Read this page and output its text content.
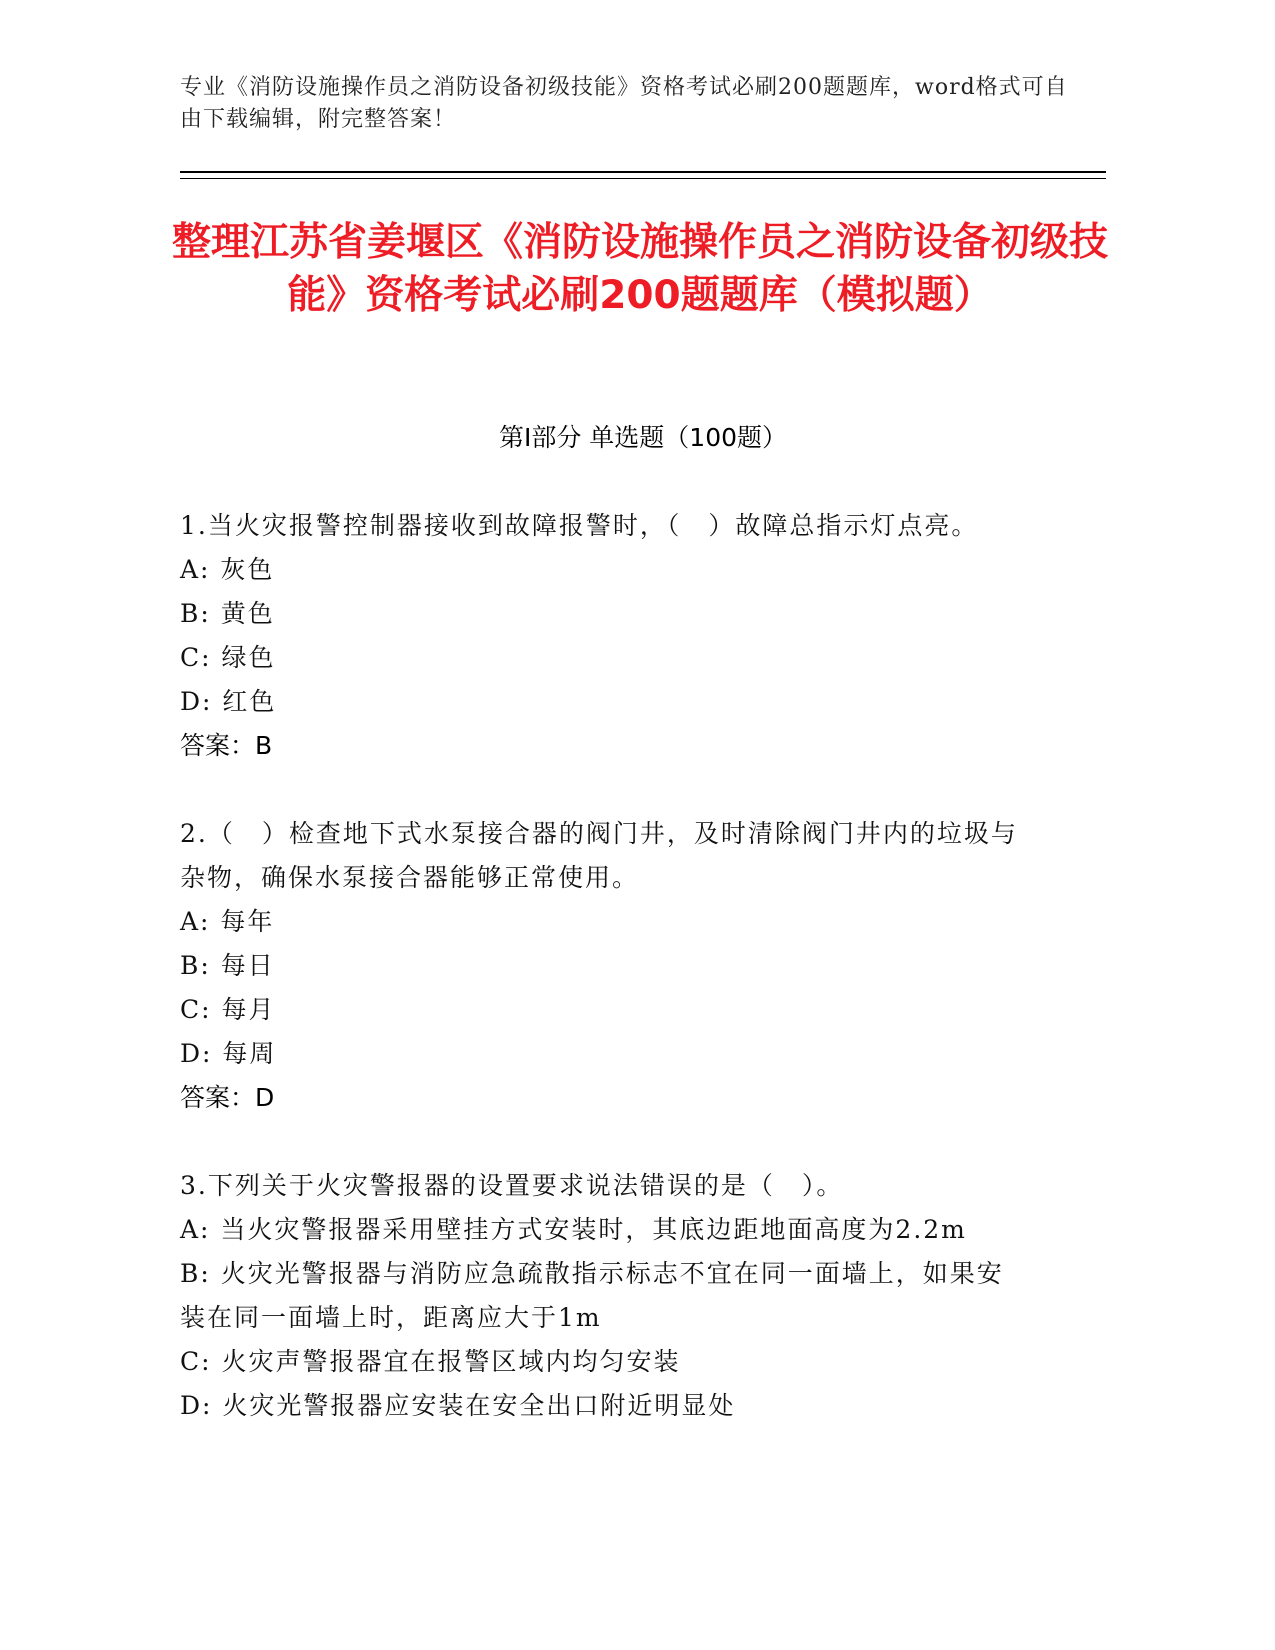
专业《消防设施操作员之消防设备初级技能》资格考试必刷200题题库，word格式可自由下载编辑，附完整答案！
整理江苏省姜堰区《消防设施操作员之消防设备初级技能》资格考试必刷200题题库（模拟题）
第Ⅰ部分 单选题（100题）

1.当火灾报警控制器接收到故障报警时，（　）故障总指示灯点亮。

A: 灰色

B: 黄色

C: 绿色

D: 红色

答案：B

2.（　）检查地下式水泵接合器的阀门井，及时清除阀门井内的垃圾与杂物，确保水泵接合器能够正常使用。

A: 每年

B: 每日

C: 每月

D: 每周

答案：D

3.下列关于火灾警报器的设置要求说法错误的是（　）。

A: 当火灾警报器采用壁挂方式安装时，其底边距地面高度为2.2m

B: 火灾光警报器与消防应急疏散指示标志不宜在同一面墙上，如果安装在同一面墙上时，距离应大于1m

C: 火灾声警报器宜在报警区域内均匀安装

D: 火灾光警报器应安装在安全出口附近明显处
